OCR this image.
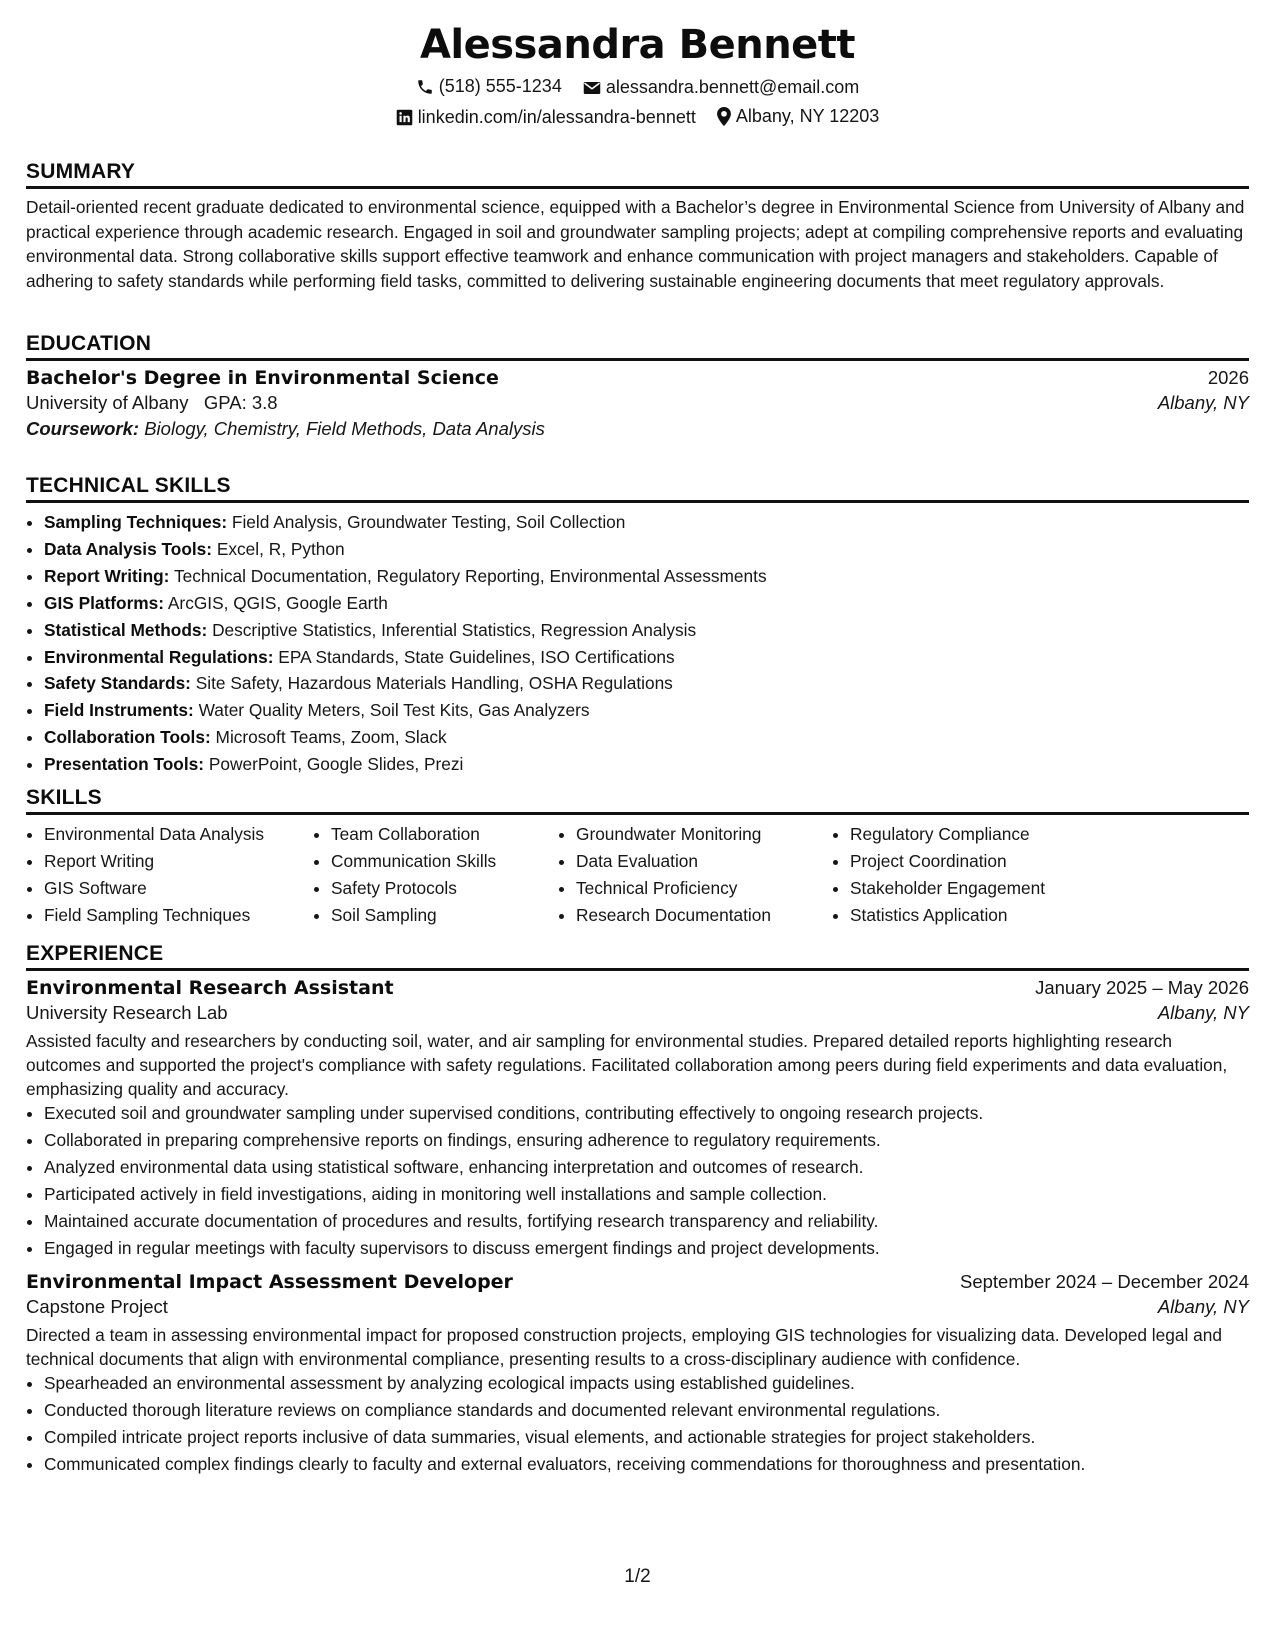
Alessandra Bennett
(518) 555-1234
alessandra.bennett@email.com
linkedin.com/in/alessandra-bennett
Albany, NY 12203
SUMMARY
Detail-oriented recent graduate dedicated to environmental science, equipped with a Bachelor’s degree in Environmental Science from University of Albany and practical experience through academic research. Engaged in soil and groundwater sampling projects; adept at compiling comprehensive reports and evaluating environmental data. Strong collaborative skills support effective teamwork and enhance communication with project managers and stakeholders. Capable of adhering to safety standards while performing field tasks, committed to delivering sustainable engineering documents that meet regulatory approvals.
EDUCATION
Bachelor's Degree in Environmental Science	2026
University of Albany GPA: 3.8	Albany, NY
Coursework: Biology, Chemistry, Field Methods, Data Analysis
TECHNICAL SKILLS
• Sampling Techniques: Field Analysis, Groundwater Testing, Soil Collection
• Data Analysis Tools: Excel, R, Python
• Report Writing: Technical Documentation, Regulatory Reporting, Environmental Assessments
• GIS Platforms: ArcGIS, QGIS, Google Earth
• Statistical Methods: Descriptive Statistics, Inferential Statistics, Regression Analysis
• Environmental Regulations: EPA Standards, State Guidelines, ISO Certifications
• Safety Standards: Site Safety, Hazardous Materials Handling, OSHA Regulations
• Field Instruments: Water Quality Meters, Soil Test Kits, Gas Analyzers
• Collaboration Tools: Microsoft Teams, Zoom, Slack
• Presentation Tools: PowerPoint, Google Slides, Prezi
SKILLS
• Environmental Data Analysis
• Report Writing
• GIS Software
• Field Sampling Techniques
• Team Collaboration
• Communication Skills
• Safety Protocols
• Soil Sampling
• Groundwater Monitoring
• Data Evaluation
• Technical Proficiency
• Research Documentation
• Regulatory Compliance
• Project Coordination
• Stakeholder Engagement
• Statistics Application
EXPERIENCE
Environmental Research Assistant	January 2025 – May 2026
University Research Lab	Albany, NY
Assisted faculty and researchers by conducting soil, water, and air sampling for environmental studies. Prepared detailed reports highlighting research outcomes and supported the project's compliance with safety regulations. Facilitated collaboration among peers during field experiments and data evaluation, emphasizing quality and accuracy.
• Executed soil and groundwater sampling under supervised conditions, contributing effectively to ongoing research projects.
• Collaborated in preparing comprehensive reports on findings, ensuring adherence to regulatory requirements.
• Analyzed environmental data using statistical software, enhancing interpretation and outcomes of research.
• Participated actively in field investigations, aiding in monitoring well installations and sample collection.
• Maintained accurate documentation of procedures and results, fortifying research transparency and reliability.
• Engaged in regular meetings with faculty supervisors to discuss emergent findings and project developments.
Environmental Impact Assessment Developer	September 2024 – December 2024
Capstone Project	Albany, NY
Directed a team in assessing environmental impact for proposed construction projects, employing GIS technologies for visualizing data. Developed legal and technical documents that align with environmental compliance, presenting results to a cross-disciplinary audience with confidence.
• Spearheaded an environmental assessment by analyzing ecological impacts using established guidelines.
• Conducted thorough literature reviews on compliance standards and documented relevant environmental regulations.
• Compiled intricate project reports inclusive of data summaries, visual elements, and actionable strategies for project stakeholders.
• Communicated complex findings clearly to faculty and external evaluators, receiving commendations for thoroughness and presentation.
1/2
